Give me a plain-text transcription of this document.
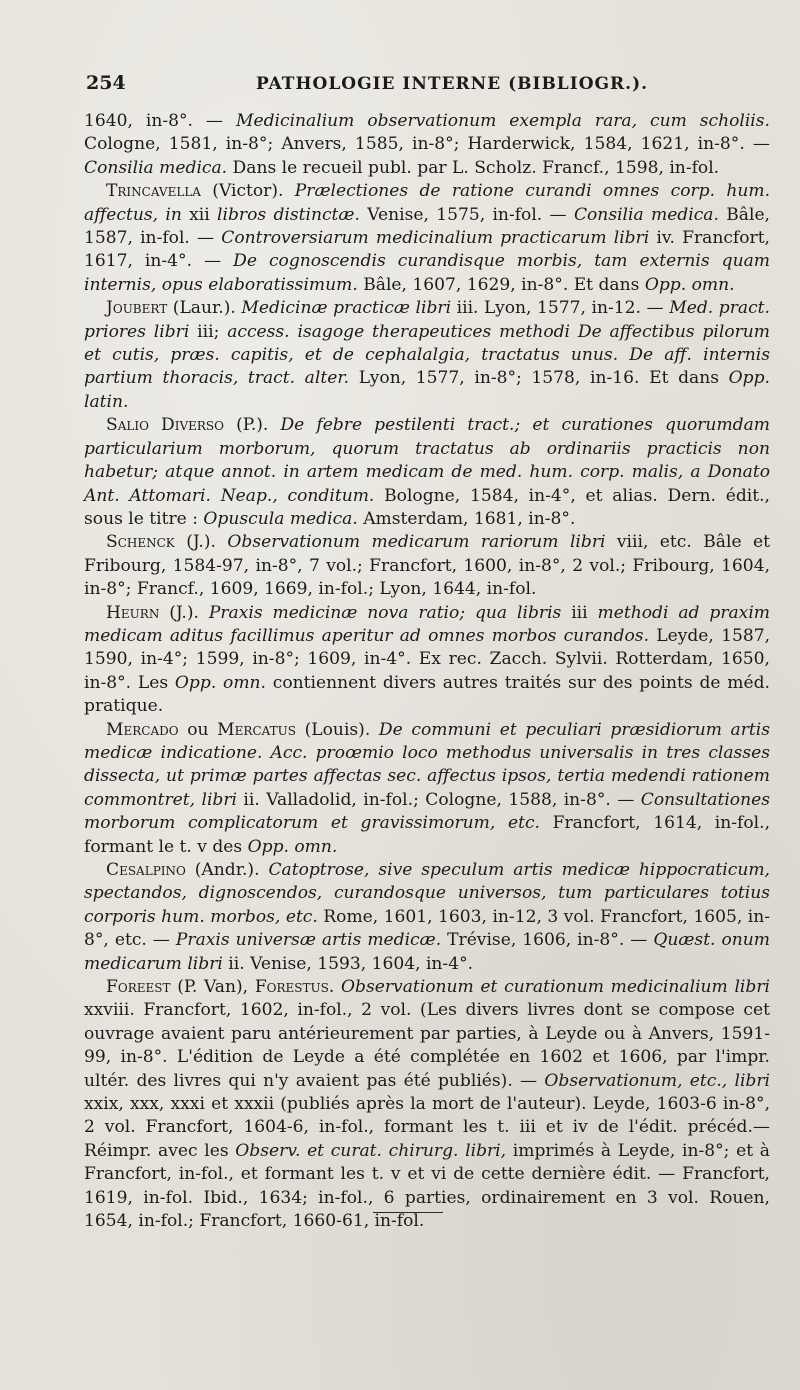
254	PATHOLOGIE INTERNE (BIBLIOGR.).

1640, in-8°. — Medicinalium observationum exempla rara, cum scholiis. Cologne, 1581, in-8°; Anvers, 1585, in-8°; Harderwick, 1584, 1621, in-8°. — Consilia medica. Dans le recueil publ. par L. Scholz. Francf., 1598, in-fol.

Trincavella (Victor). Prælectiones de ratione curandi omnes corp. hum. affectus, in xii libros distinctæ. Venise, 1575, in-fol. — Consilia medica. Bâle, 1587, in-fol. — Controversiarum medicinalium practicarum libri iv. Francfort, 1617, in-4°. — De cognoscendis curandisque morbis, tam externis quam internis, opus elaboratissimum. Bâle, 1607, 1629, in-8°. Et dans Opp. omn.

Joubert (Laur.). Medicinæ practicæ libri iii. Lyon, 1577, in-12. — Med. pract. priores libri iii; access. isagoge therapeutices methodi De affectibus pilorum et cutis, præs. capitis, et de cephalalgia, tractatus unus. De aff. internis partium thoracis, tract. alter. Lyon, 1577, in-8°; 1578, in-16. Et dans Opp. latin.

Salio Diverso (P.). De febre pestilenti tract.; et curationes quorumdam particularium morborum, quorum tractatus ab ordinariis practicis non habetur; atque annot. in artem medicam de med. hum. corp. malis, a Donato Ant. Attomari. Neap., conditum. Bologne, 1584, in-4°, et alias. Dern. édit., sous le titre : Opuscula medica. Amsterdam, 1681, in-8°.

Schenck (J.). Observationum medicarum rariorum libri viii, etc. Bâle et Fribourg, 1584-97, in-8°, 7 vol.; Francfort, 1600, in-8°, 2 vol.; Fribourg, 1604, in-8°; Francf., 1609, 1669, in-fol.; Lyon, 1644, in-fol.

Heurn (J.). Praxis medicinæ nova ratio; qua libris iii methodi ad praxim medicam aditus facillimus aperitur ad omnes morbos curandos. Leyde, 1587, 1590, in-4°; 1599, in-8°; 1609, in-4°. Ex rec. Zacch. Sylvii. Rotterdam, 1650, in-8°. Les Opp. omn. contiennent divers autres traités sur des points de méd. pratique.

Mercado ou Mercatus (Louis). De communi et peculiari præsidiorum artis medicæ indicatione. Acc. proœmio loco methodus universalis in tres classes dissecta, ut primæ partes affectas sec. affectus ipsos, tertia medendi rationem commontret, libri ii. Valladolid, in-fol.; Cologne, 1588, in-8°. — Consultationes morborum complicatorum et gravissimorum, etc. Francfort, 1614, in-fol., formant le t. v des Opp. omn.

Cesalpino (Andr.). Catoptrose, sive speculum artis medicæ hippocraticum, spectandos, dignoscendos, curandosque universos, tum particulares totius corporis hum. morbos, etc. Rome, 1601, 1603, in-12, 3 vol. Francfort, 1605, in-8°, etc. — Praxis universæ artis medicæ. Trévise, 1606, in-8°. — Quæst. onum medicarum libri ii. Venise, 1593, 1604, in-4°.

Foreest (P. Van), Forestus. Observationum et curationum medicinalium libri xxviii. Francfort, 1602, in-fol., 2 vol. (Les divers livres dont se compose cet ouvrage avaient paru antérieurement par parties, à Leyde ou à Anvers, 1591-99, in-8°. L'édition de Leyde a été complétée en 1602 et 1606, par l'impr. ultér. des livres qui n'y avaient pas été publiés). — Observationum, etc., libri xxix, xxx, xxxi et xxxii (publiés après la mort de l'auteur). Leyde, 1603-6 in-8°, 2 vol. Francfort, 1604-6, in-fol., formant les t. iii et iv de l'édit. précéd.— Réimpr. avec les Observ. et curat. chirurg. libri, imprimés à Leyde, in-8°; et à Francfort, in-fol., et formant les t. v et vi de cette dernière édit. — Francfort, 1619, in-fol. Ibid., 1634; in-fol., 6 parties, ordinairement en 3 vol. Rouen, 1654, in-fol.; Francfort, 1660-61, in-fol.
